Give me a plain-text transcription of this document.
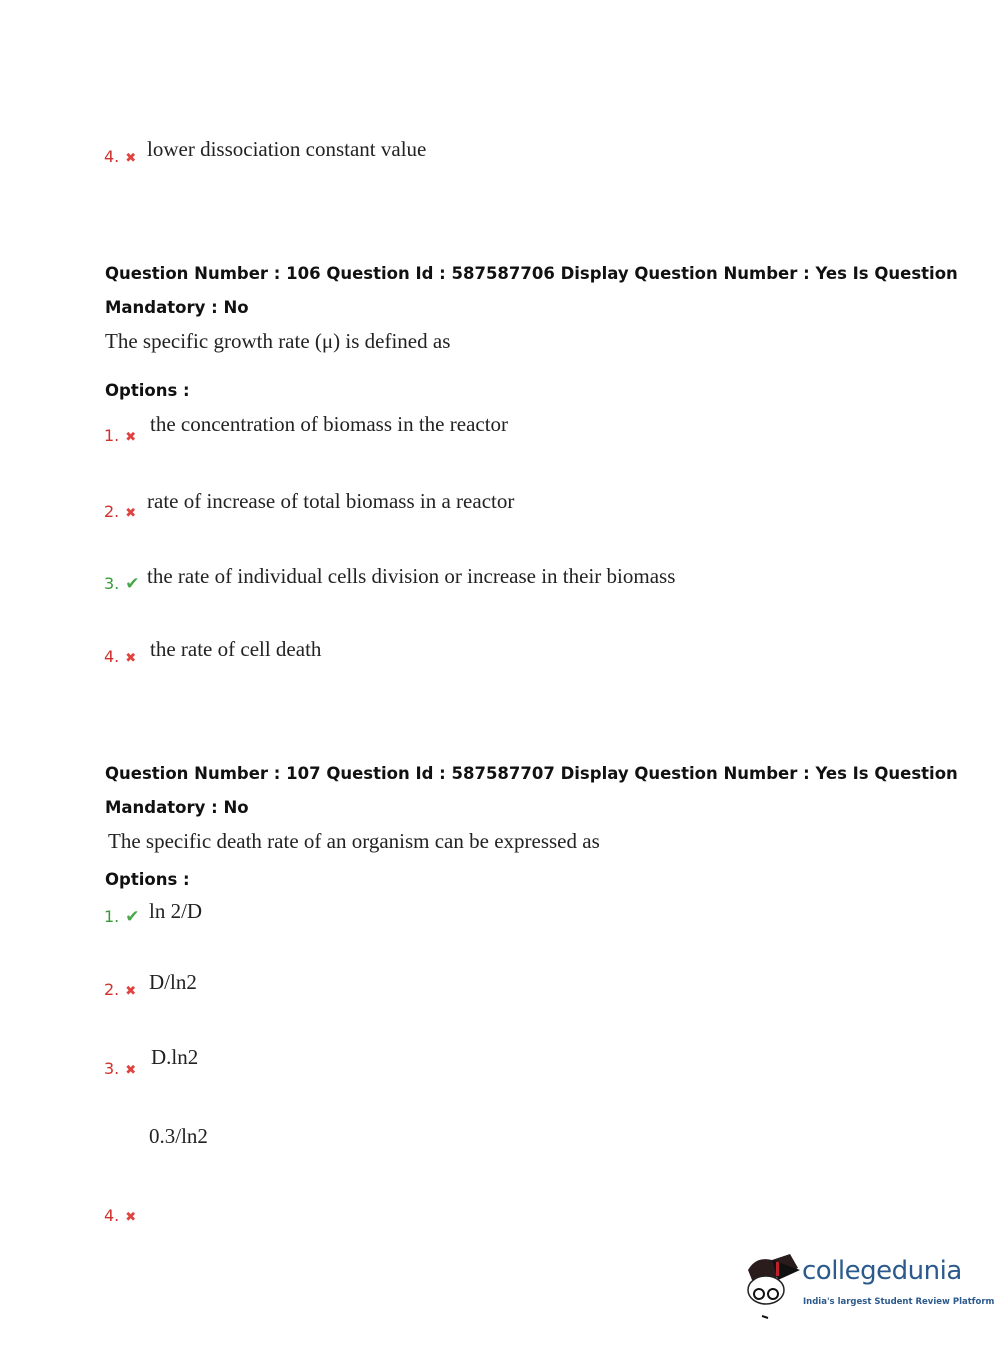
4. ✖ lower dissociation constant value
Question Number : 106 Question Id : 587587706 Display Question Number : Yes Is Question
Mandatory : No
The specific growth rate (μ) is defined as
Options :
1. ✖
the concentration of biomass in the reactor
2. ✖
rate of increase of total biomass in a reactor
3. ✔ the rate of individual cells division or increase in their biomass
4. ✖ the rate of cell death
Question Number : 107 Question Id : 587587707 Display Question Number : Yes Is Question
Mandatory : No
The specific death rate of an organism can be expressed as
Options :
1. ✔ ln 2/D
2. ✖ D/ln2
3. ✖
D.ln2
0.3/ln2
4. ✖
collegedunia
India's largest Student Review Platform
